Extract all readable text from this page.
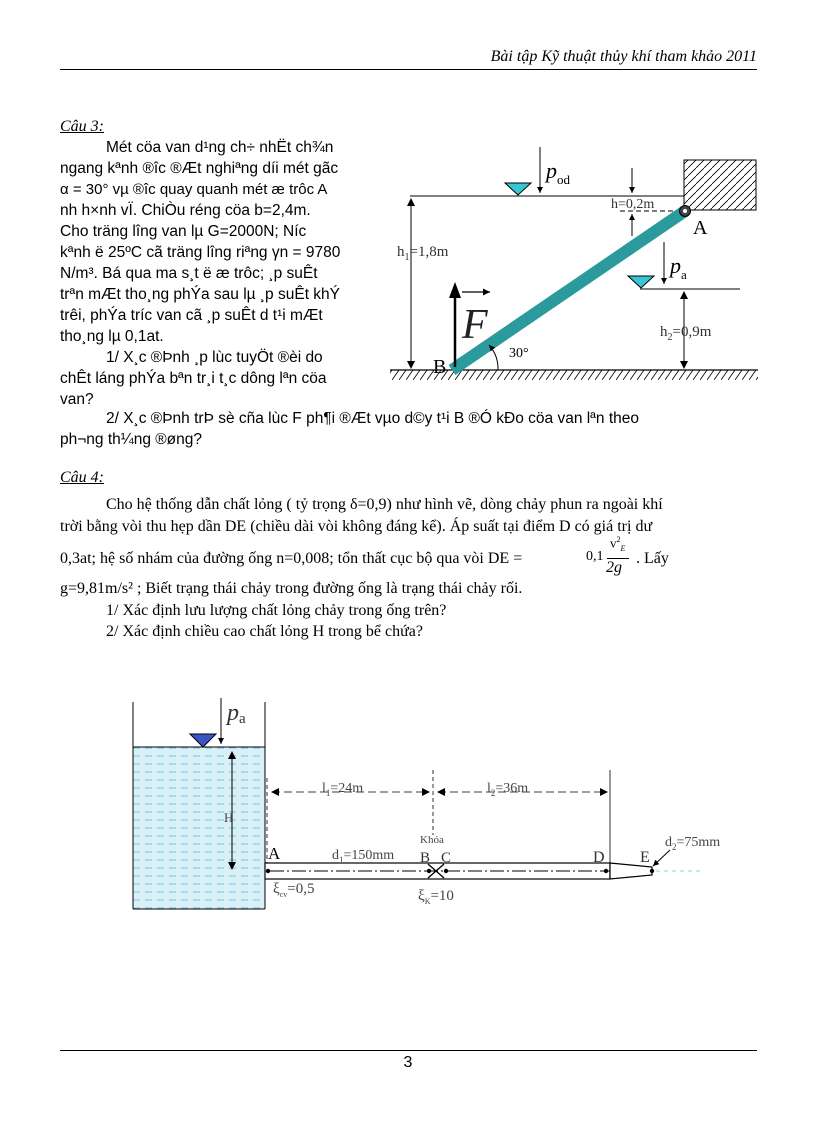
Bài tập Kỹ thuật thủy khí tham khảo 2011
Câu 3:
Mét cöa van d¹ng ch÷ nhËt ch¾n
ngang kªnh ®îc ®Æt nghiªng díi mét gãc
α = 30° vµ ®îc quay quanh mét æ trôc A
nh h×nh vÏ. ChiÒu réng cöa b=2,4m.
Cho träng lîng van lµ G=2000N; Níc
kªnh ë 25ºC cã träng lîng riªng γn = 9780
N/m³. Bá qua ma s¸t ë æ trôc; ¸p suÊt
trªn mÆt tho¸ng phÝa sau lµ ¸p suÊt khÝ
trêi, phÝa tríc van cã ¸p suÊt d t¹i mÆt
tho¸ng lµ 0,1at.
1/ X¸c ®Þnh ¸p lùc tuyÖt ®èi do
chÊt láng phÝa bªn tr¸i t¸c dông lªn cöa
van?
2/ X¸c ®Þnh trÞ sè cña lùc F ph¶i ®Æt vµo d©y t¹i B ®Ó kÐo cöa van lªn theo
ph¬ng th¼ng ®øng?
$p_{od}$
h=0,2m
A
$p_a$
$h_1=1,8m$
$h_2=0,9m$
F
B
30°
Câu 4:
Cho hệ thống dẫn chất lỏng ( tỷ trọng δ=0,9) như hình vẽ, dòng chảy phun ra ngoài khí
trời bằng vòi thu hẹp dần DE (chiều dài vòi không đáng kể). Áp suất tại điểm D có giá trị dư
0,3at; hệ số nhám của đường ống n=0,008; tổn thất cục bộ qua vòi DE =	0,1
$v^2_E$
2g
. Lấy
g=9,81m/s² ; Biết trạng thái chảy trong đường ống là trạng thái chảy rối.
1/ Xác định lưu lượng chất lỏng chảy trong ống trên?
2/ Xác định chiều cao chất lỏng H trong bể chứa?
pa
H
$l_1=24m$	$l_2=36m$
Khóa
A	B C	D E
$d_1=150mm$
$d_2=75mm$
$\xi_{cv}=0,5$	$\xi_K=10$
3
